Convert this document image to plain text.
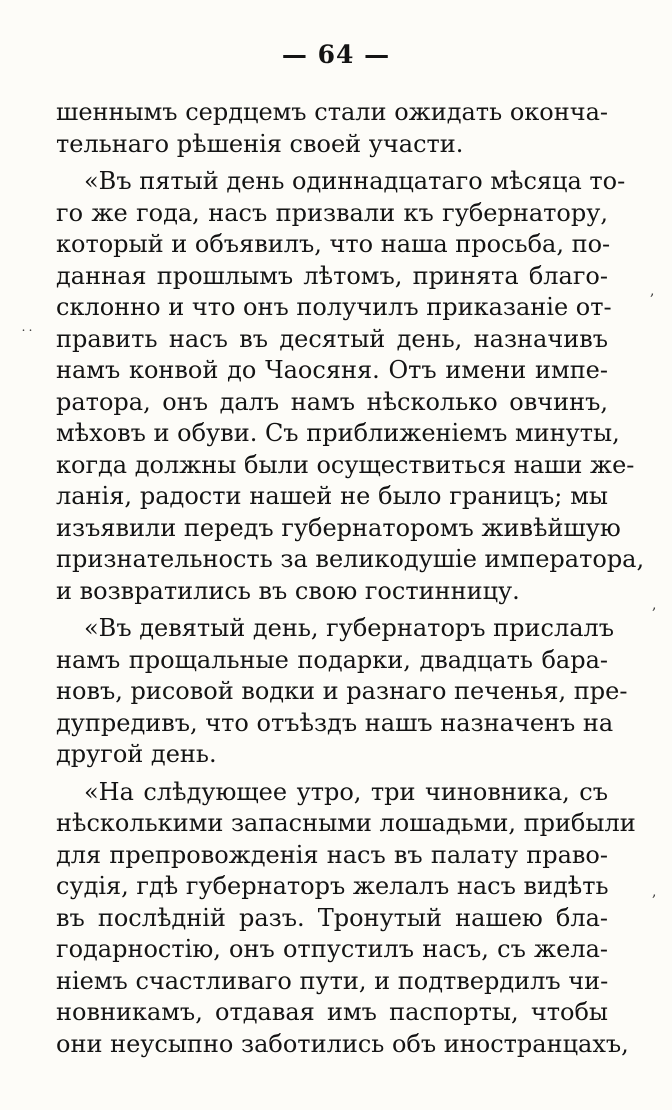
— 64 —

шеннымъ сердцемъ стали ожидать оконча-
тельнаго рѣшенія своей участи.

«Въ пятый день одиннадцатаго мѣсяца то-
го же года, насъ призвали къ губернатору,
который и объявилъ, что наша просьба, по-
данная прошлымъ лѣтомъ, принята благо-
склонно и что онъ получилъ приказаніе от-
править насъ въ десятый день, назначивъ
намъ конвой до Чаосяня. Отъ имени импе-
ратора, онъ далъ намъ нѣсколько овчинъ,
мѣховъ и обуви. Съ приближеніемъ минуты,
когда должны были осуществиться наши же-
ланія, радости нашей не было границъ; мы
изъявили передъ губернаторомъ живѣйшую
признательность за великодушіе императора,
и возвратились въ свою гостинницу.

«Въ девятый день, губернаторъ прислалъ
намъ прощальные подарки, двадцать бара-
новъ, рисовой водки и разнаго печенья, пре-
дупредивъ, что отъѣздъ нашъ назначенъ на
другой день.

«На слѣдующее утро, три чиновника, съ
нѣсколькими запасными лошадьми, прибыли
для препровожденія насъ въ палату право-
судія, гдѣ губернаторъ желалъ насъ видѣть
въ послѣдній разъ. Тронутый нашею бла-
годарностію, онъ отпустилъ насъ, съ жела-
ніемъ счастливаго пути, и подтвердилъ чи-
новникамъ, отдавая имъ паспорты, чтобы
они неусыпно заботились объ иностранцахъ,

,
˙˙
,
,
